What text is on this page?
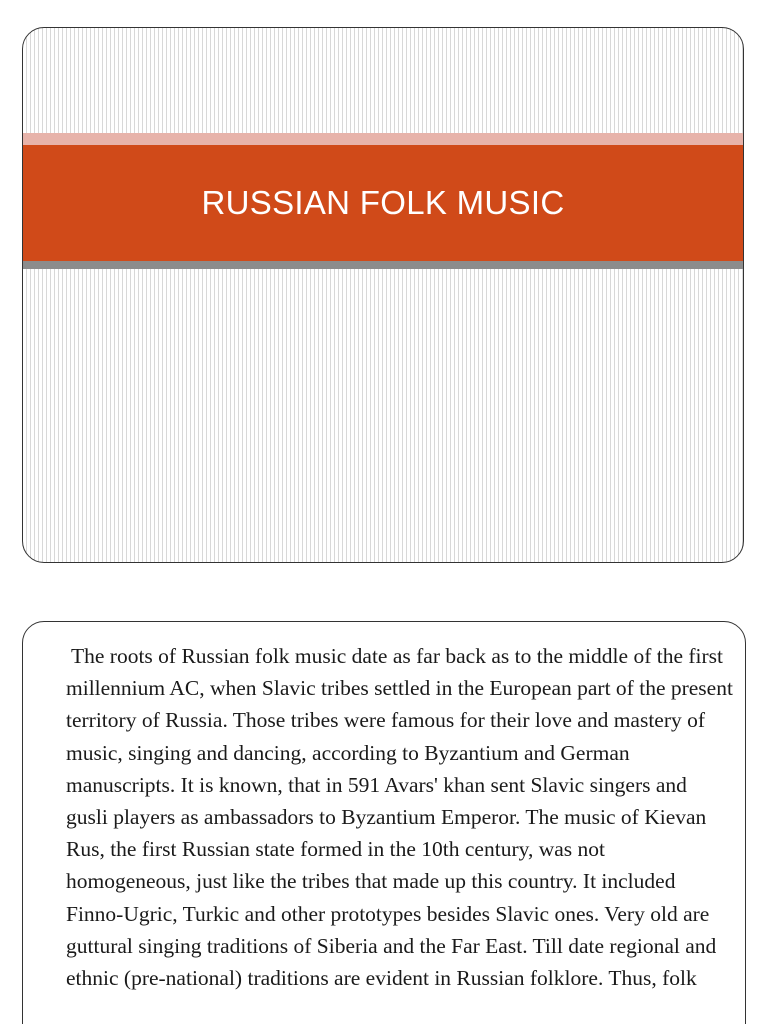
RUSSIAN FOLK MUSIC

The roots of Russian folk music date as far back as to the middle of the first millennium AC, when Slavic tribes settled in the European part of the present territory of Russia. Those tribes were famous for their love and mastery of music, singing and dancing, according to Byzantium and German manuscripts. It is known, that in 591 Avars' khan sent Slavic singers and gusli players as ambassadors to Byzantium Emperor. The music of Kievan Rus, the first Russian state formed in the 10th century, was not homogeneous, just like the tribes that made up this country. It included Finno-Ugric, Turkic and other prototypes besides Slavic ones. Very old are guttural singing traditions of Siberia and the Far East. Till date regional and ethnic (pre-national) traditions are evident in Russian folklore. Thus, folk
